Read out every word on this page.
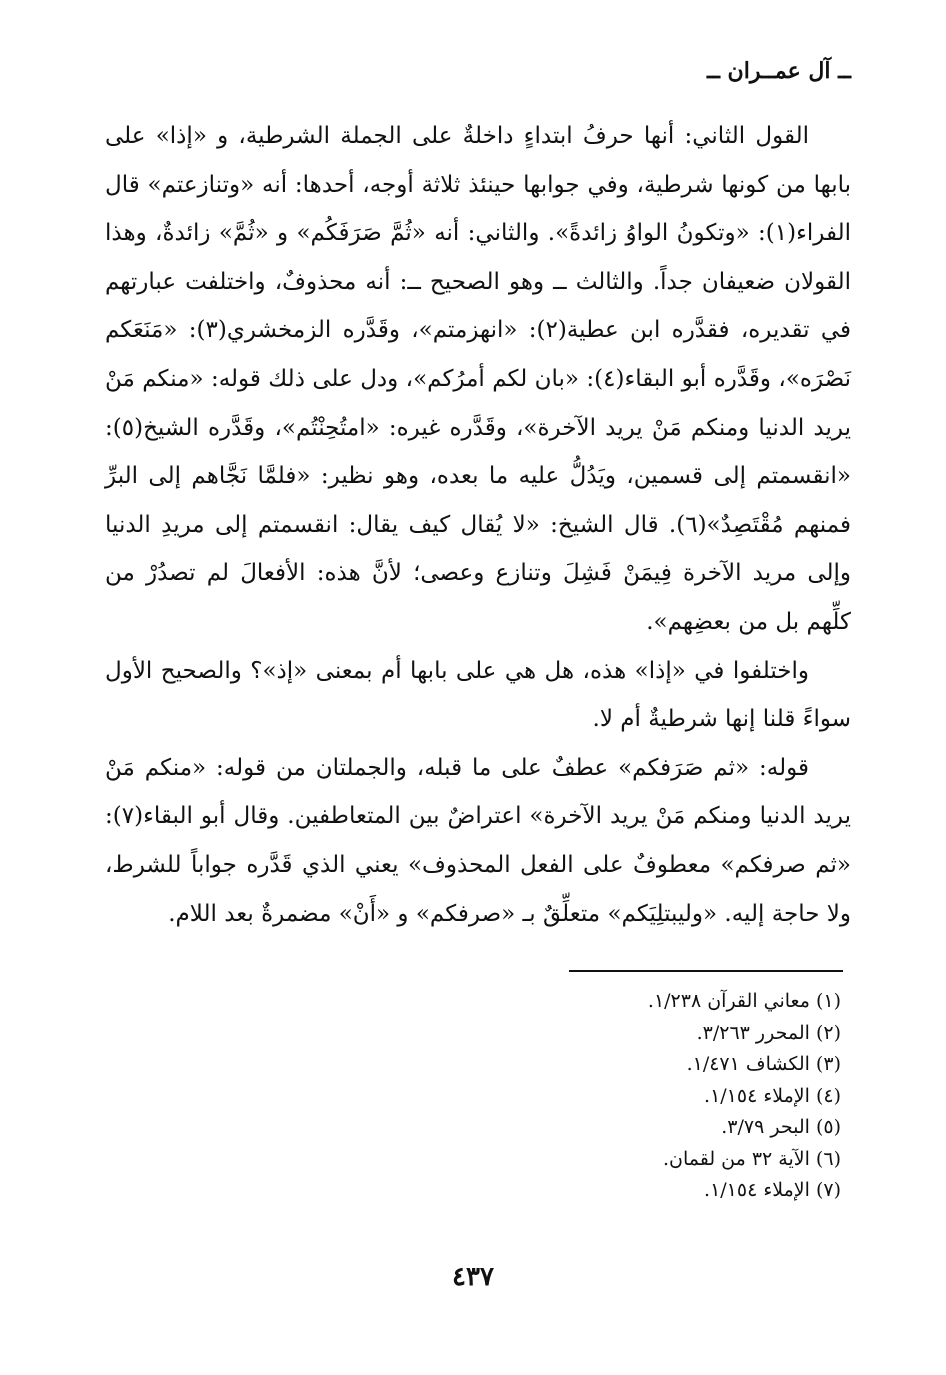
ــ آل عمــران ــ

القول الثاني: أنها حرفُ ابتداءٍ داخلةٌ على الجملة الشرطية، و «إذا» على بابها من كونها شرطية، وفي جوابها حينئذ ثلاثة أوجه، أحدها: أنه «وتنازعتم» قال الفراء(١): «وتكونُ الواوُ زائدةً». والثاني: أنه «ثُمَّ صَرَفَكُم» و «ثُمَّ» زائدةٌ، وهذا القولان ضعيفان جداً. والثالث ــ وهو الصحيح ــ: أنه محذوفٌ، واختلفت عبارتهم في تقديره، فقدَّره ابن عطية(٢): «انهزمتم»، وقَدَّره الزمخشري(٣): «مَنَعَكم نَصْرَه»، وقَدَّره أبو البقاء(٤): «بان لكم أمرُكم»، ودل على ذلك قوله: «منكم مَنْ يريد الدنيا ومنكم مَنْ يريد الآخرة»، وقَدَّره غيره: «امتُحِنْتُم»، وقَدَّره الشيخ(٥): «انقسمتم إلى قسمين، ويَدُلُّ عليه ما بعده، وهو نظير: «فلمَّا نَجَّاهم إلى البرِّ فمنهم مُقْتَصِدٌ»(٦). قال الشيخ: «لا يُقال كيف يقال: انقسمتم إلى مريدِ الدنيا وإلى مريد الآخرة فِيمَنْ فَشِلَ وتنازع وعصى؛ لأنَّ هذه: الأفعالَ لم تصدُرْ من كلِّهم بل من بعضِهم».

واختلفوا في «إذا» هذه، هل هي على بابها أم بمعنى «إذ»؟ والصحيح الأول سواءً قلنا إنها شرطيةٌ أم لا.

قوله: «ثم صَرَفكم» عطفٌ على ما قبله، والجملتان من قوله: «منكم مَنْ يريد الدنيا ومنكم مَنْ يريد الآخرة» اعتراضٌ بين المتعاطفين. وقال أبو البقاء(٧): «ثم صرفكم» معطوفٌ على الفعل المحذوف» يعني الذي قَدَّره جواباً للشرط، ولا حاجة إليه. «وليبتلِيَكم» متعلِّقٌ بـ «صرفكم» و «أَنْ» مضمرةٌ بعد اللام.

(١) معاني القرآن ١/٢٣٨.
(٢) المحرر ٣/٢٦٣.
(٣) الكشاف ١/٤٧١.
(٤) الإملاء ١/١٥٤.
(٥) البحر ٣/٧٩.
(٦) الآية ٣٢ من لقمان.
(٧) الإملاء ١/١٥٤.
٤٣٧
